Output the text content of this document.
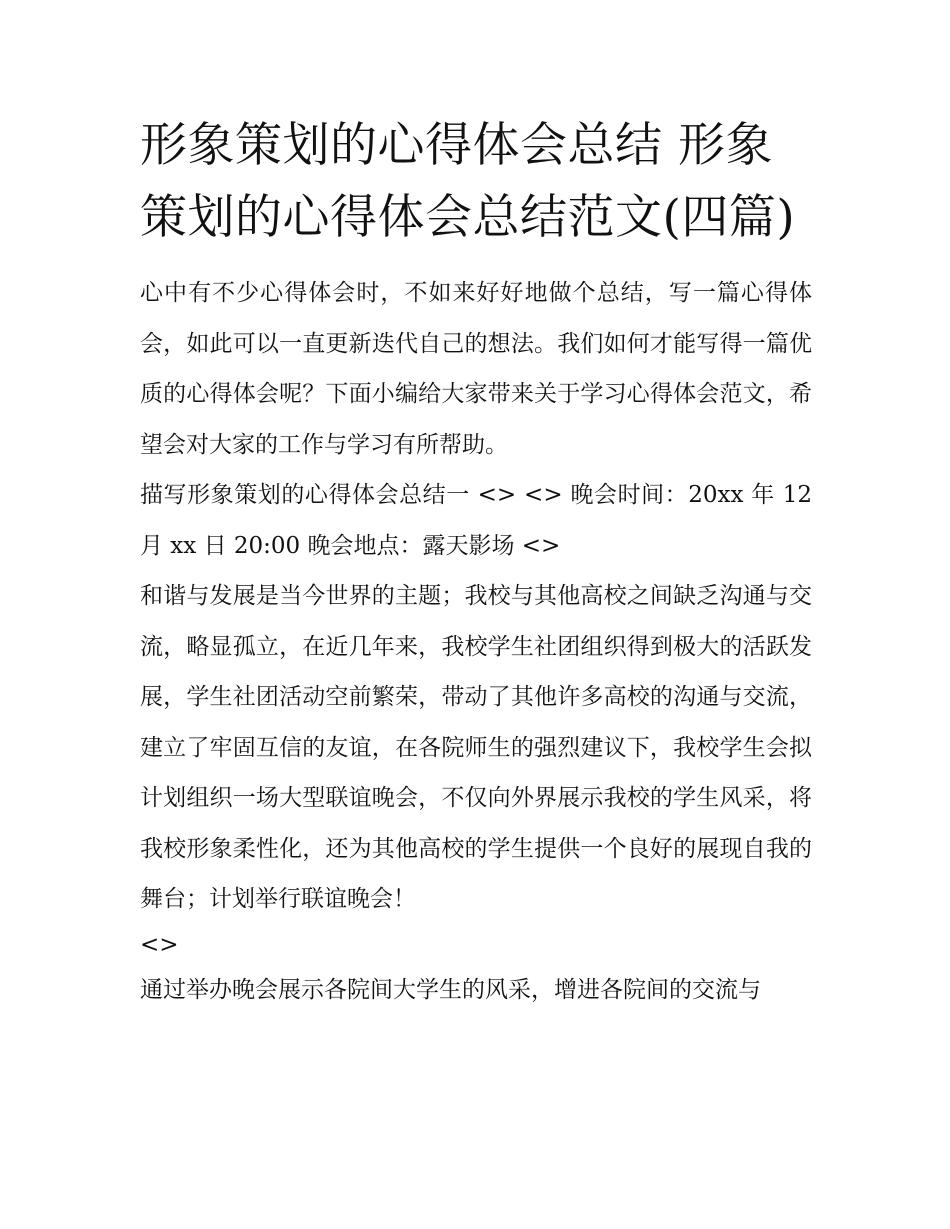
形象策划的心得体会总结 形象策划的心得体会总结范文(四篇)

心中有不少心得体会时，不如来好好地做个总结，写一篇心得体会，如此可以一直更新迭代自己的想法。我们如何才能写得一篇优质的心得体会呢？下面小编给大家带来关于学习心得体会范文，希望会对大家的工作与学习有所帮助。

描写形象策划的心得体会总结一 <> <> 晚会时间：20xx 年 12 月 xx 日 20:00 晚会地点：露天影场 <>

和谐与发展是当今世界的主题；我校与其他高校之间缺乏沟通与交流，略显孤立，在近几年来，我校学生社团组织得到极大的活跃发展，学生社团活动空前繁荣，带动了其他许多高校的沟通与交流，建立了牢固互信的友谊，在各院师生的强烈建议下，我校学生会拟计划组织一场大型联谊晚会，不仅向外界展示我校的学生风采，将我校形象柔性化，还为其他高校的学生提供一个良好的展现自我的舞台；计划举行联谊晚会！

<>

通过举办晚会展示各院间大学生的风采，增进各院间的交流与
